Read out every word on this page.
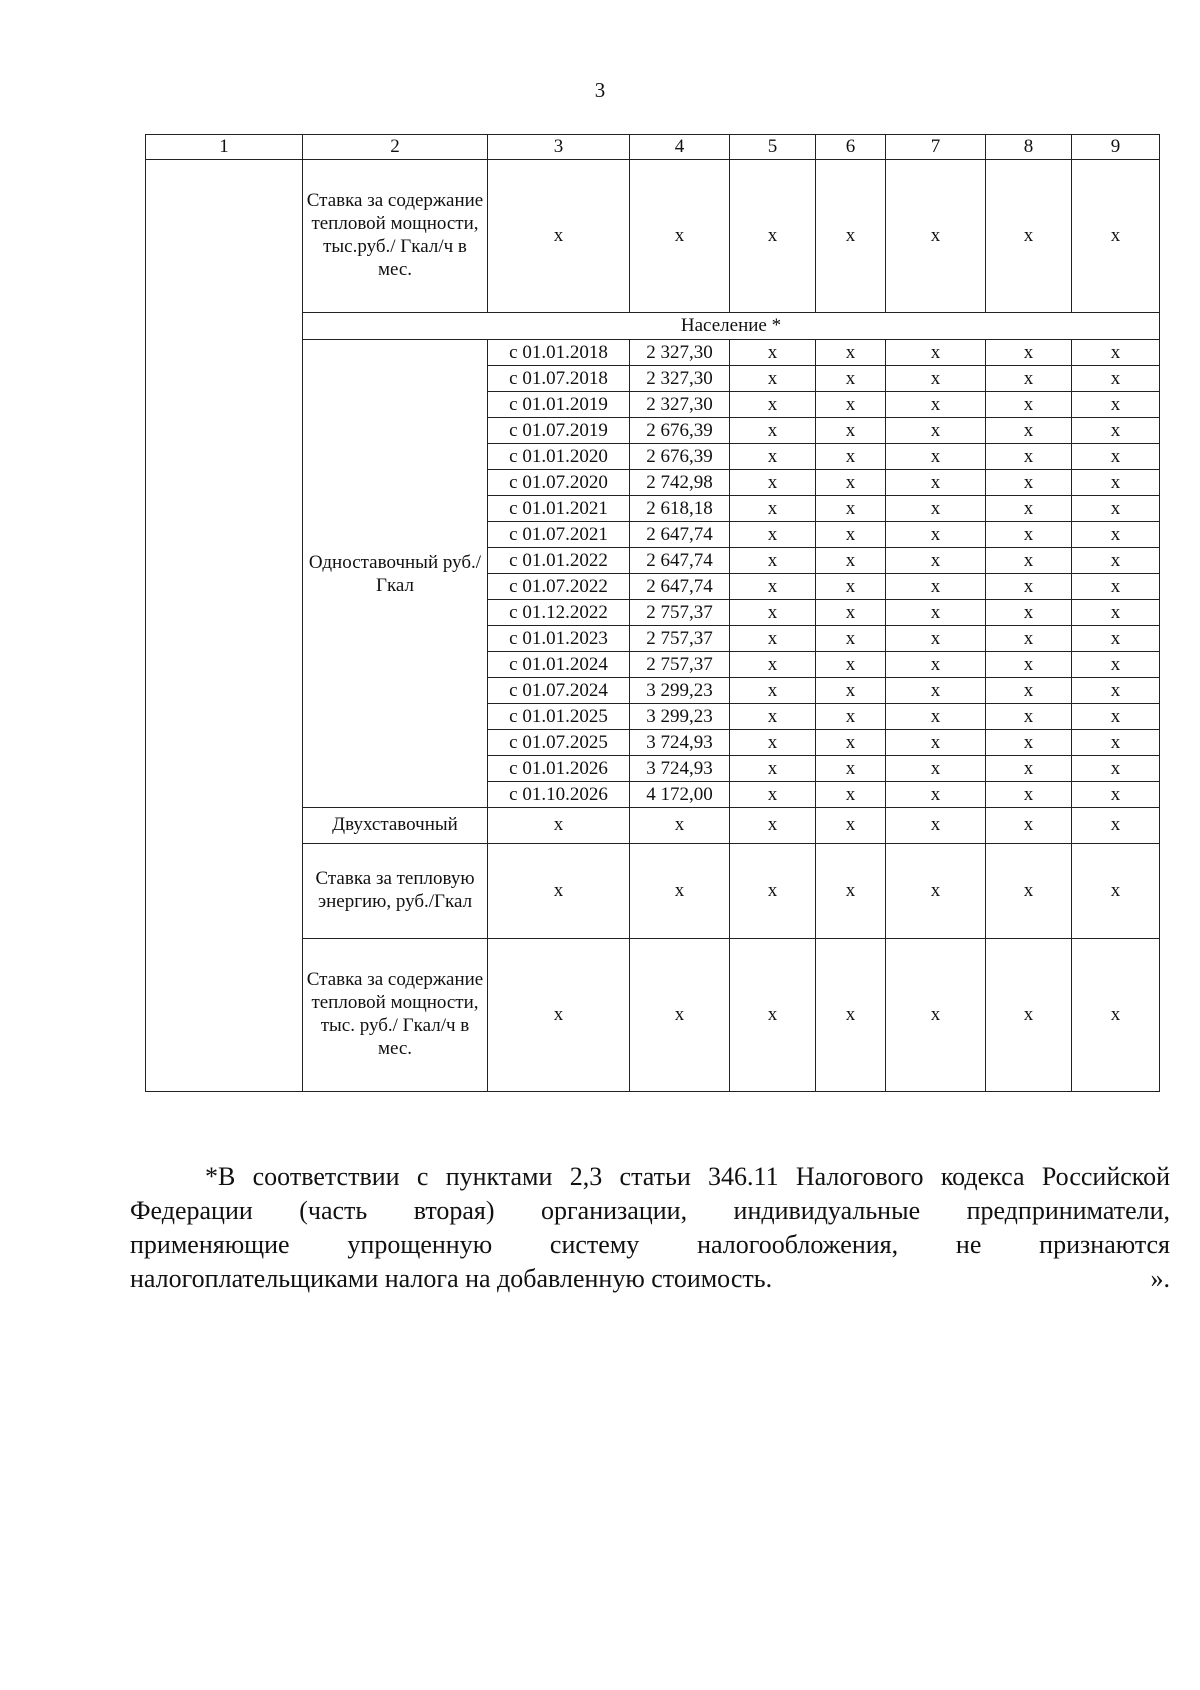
3
1	2	3	4	5	6	7	8	9
	Ставка за содержание тепловой мощности, тыс.руб./ Гкал/ч в мес.	х	х	х	х	х	х	х
	Население *							
	Одноставочный руб./Гкал	с 01.01.2018	2 327,30	х	х	х	х	х
		с 01.07.2018	2 327,30	х	х	х	х	х
		с 01.01.2019	2 327,30	х	х	х	х	х
		с 01.07.2019	2 676,39	х	х	х	х	х
		с 01.01.2020	2 676,39	х	х	х	х	х
		с 01.07.2020	2 742,98	х	х	х	х	х
		с 01.01.2021	2 618,18	х	х	х	х	х
		с 01.07.2021	2 647,74	х	х	х	х	х
		с 01.01.2022	2 647,74	х	х	х	х	х
		с 01.07.2022	2 647,74	х	х	х	х	х
		с 01.12.2022	2 757,37	х	х	х	х	х
		с 01.01.2023	2 757,37	х	х	х	х	х
		с 01.01.2024	2 757,37	х	х	х	х	х
		с 01.07.2024	3 299,23	х	х	х	х	х
		с 01.01.2025	3 299,23	х	х	х	х	х
		с 01.07.2025	3 724,93	х	х	х	х	х
		с 01.01.2026	3 724,93	х	х	х	х	х
		с 01.10.2026	4 172,00	х	х	х	х	х
	Двухставочный	х	х	х	х	х	х	х
	Ставка за тепловую энергию, руб./Гкал	х	х	х	х	х	х	х
	Ставка за содержание тепловой мощности, тыс. руб./ Гкал/ч в мес.	х	х	х	х	х	х	х
*В соответствии с пунктами 2,3 статьи 346.11 Налогового кодекса Российской
Федерации (часть вторая) организации, индивидуальные предприниматели,
применяющие упрощенную систему налогообложения, не признаются
налогоплательщиками налога на добавленную стоимость.	».
